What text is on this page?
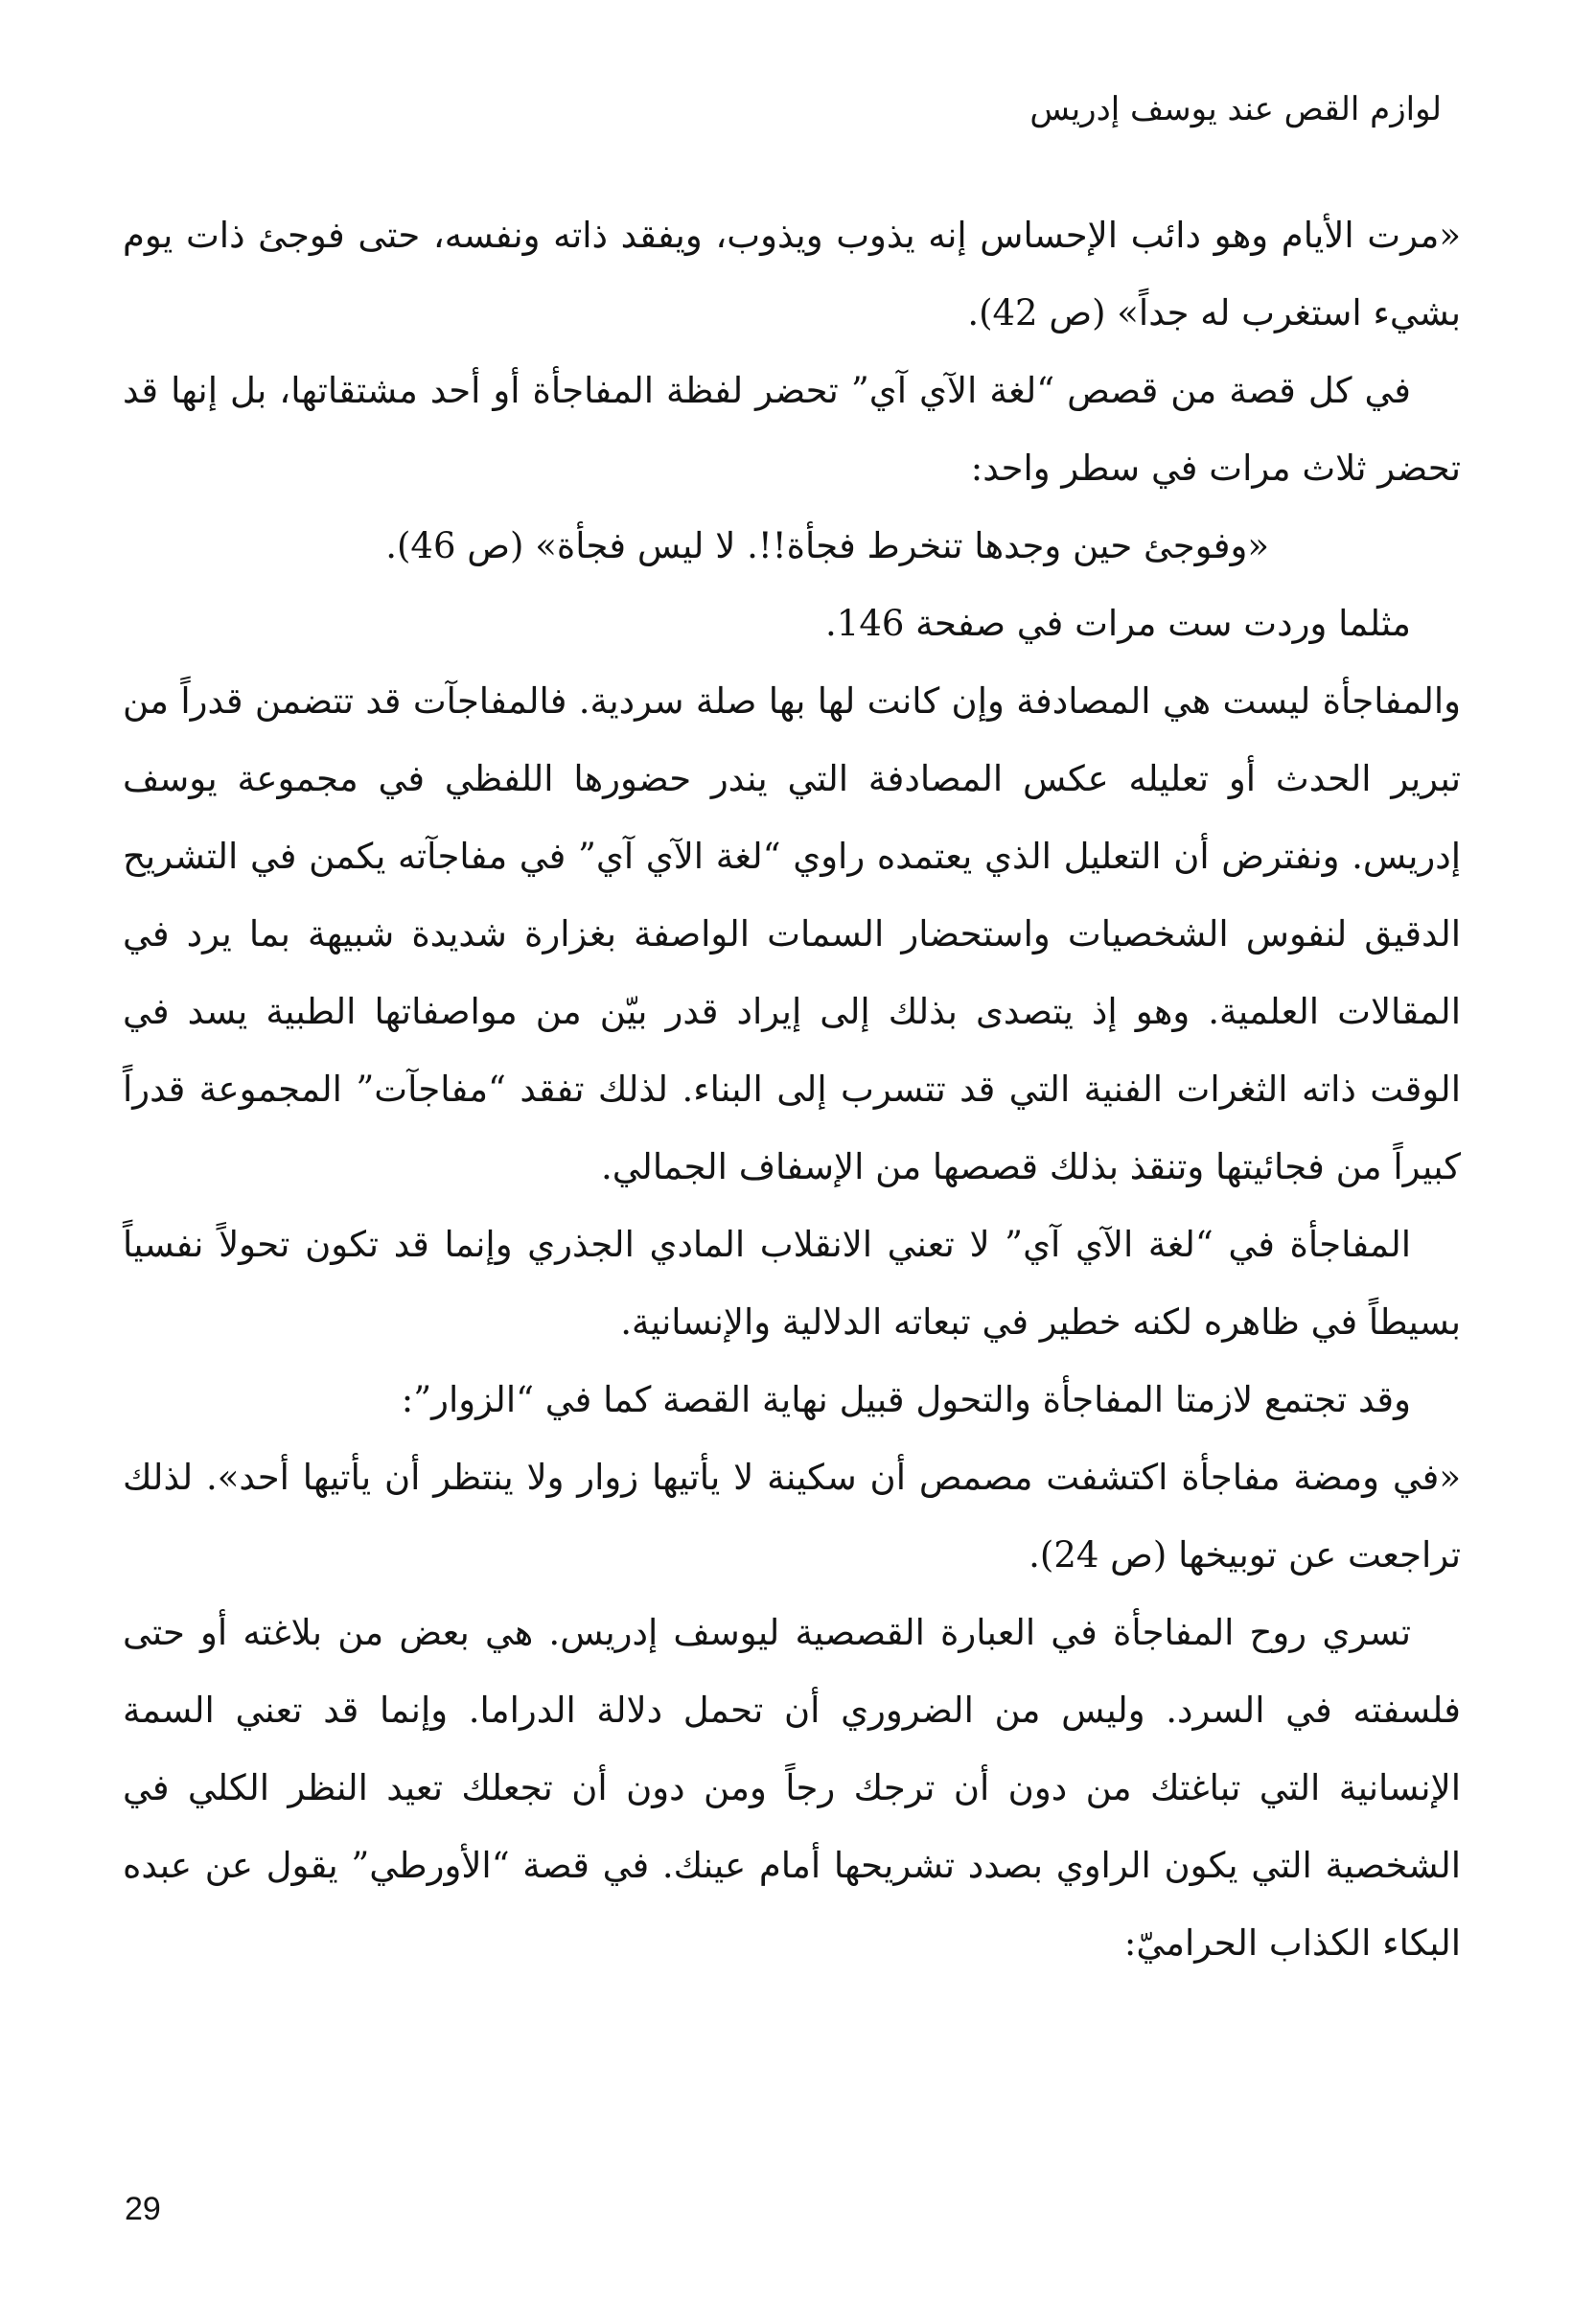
لوازم القص عند يوسف إدريس

«مرت الأيام وهو دائب الإحساس إنه يذوب ويذوب، ويفقد ذاته ونفسه، حتى فوجئ ذات يوم بشيء استغرب له جداً» (ص 42).

في كل قصة من قصص “لغة الآي آي” تحضر لفظة المفاجأة أو أحد مشتقاتها، بل إنها قد تحضر ثلاث مرات في سطر واحد:

«وفوجئ حين وجدها تنخرط فجأة!!. لا ليس فجأة» (ص 46).

مثلما وردت ست مرات في صفحة 146.

والمفاجأة ليست هي المصادفة وإن كانت لها بها صلة سردية. فالمفاجآت قد تتضمن قدراً من تبرير الحدث أو تعليله عكس المصادفة التي يندر حضورها اللفظي في مجموعة يوسف إدريس. ونفترض أن التعليل الذي يعتمده راوي “لغة الآي آي” في مفاجآته يكمن في التشريح الدقيق لنفوس الشخصيات واستحضار السمات الواصفة بغزارة شديدة شبيهة بما يرد في المقالات العلمية. وهو إذ يتصدى بذلك إلى إيراد قدر بيّن من مواصفاتها الطبية يسد في الوقت ذاته الثغرات الفنية التي قد تتسرب إلى البناء. لذلك تفقد “مفاجآت” المجموعة قدراً كبيراً من فجائيتها وتنقذ بذلك قصصها من الإسفاف الجمالي.

المفاجأة في “لغة الآي آي” لا تعني الانقلاب المادي الجذري وإنما قد تكون تحولاً نفسياً بسيطاً في ظاهره لكنه خطير في تبعاته الدلالية والإنسانية.

وقد تجتمع لازمتا المفاجأة والتحول قبيل نهاية القصة كما في “الزوار”:

«في ومضة مفاجأة اكتشفت مصمص أن سكينة لا يأتيها زوار ولا ينتظر أن يأتيها أحد». لذلك تراجعت عن توبيخها (ص 24).

تسري روح المفاجأة في العبارة القصصية ليوسف إدريس. هي بعض من بلاغته أو حتى فلسفته في السرد. وليس من الضروري أن تحمل دلالة الدراما. وإنما قد تعني السمة الإنسانية التي تباغتك من دون أن ترجك رجاً ومن دون أن تجعلك تعيد النظر الكلي في الشخصية التي يكون الراوي بصدد تشريحها أمام عينك. في قصة “الأورطي” يقول عن عبده البكاء الكذاب الحراميّ:

29
